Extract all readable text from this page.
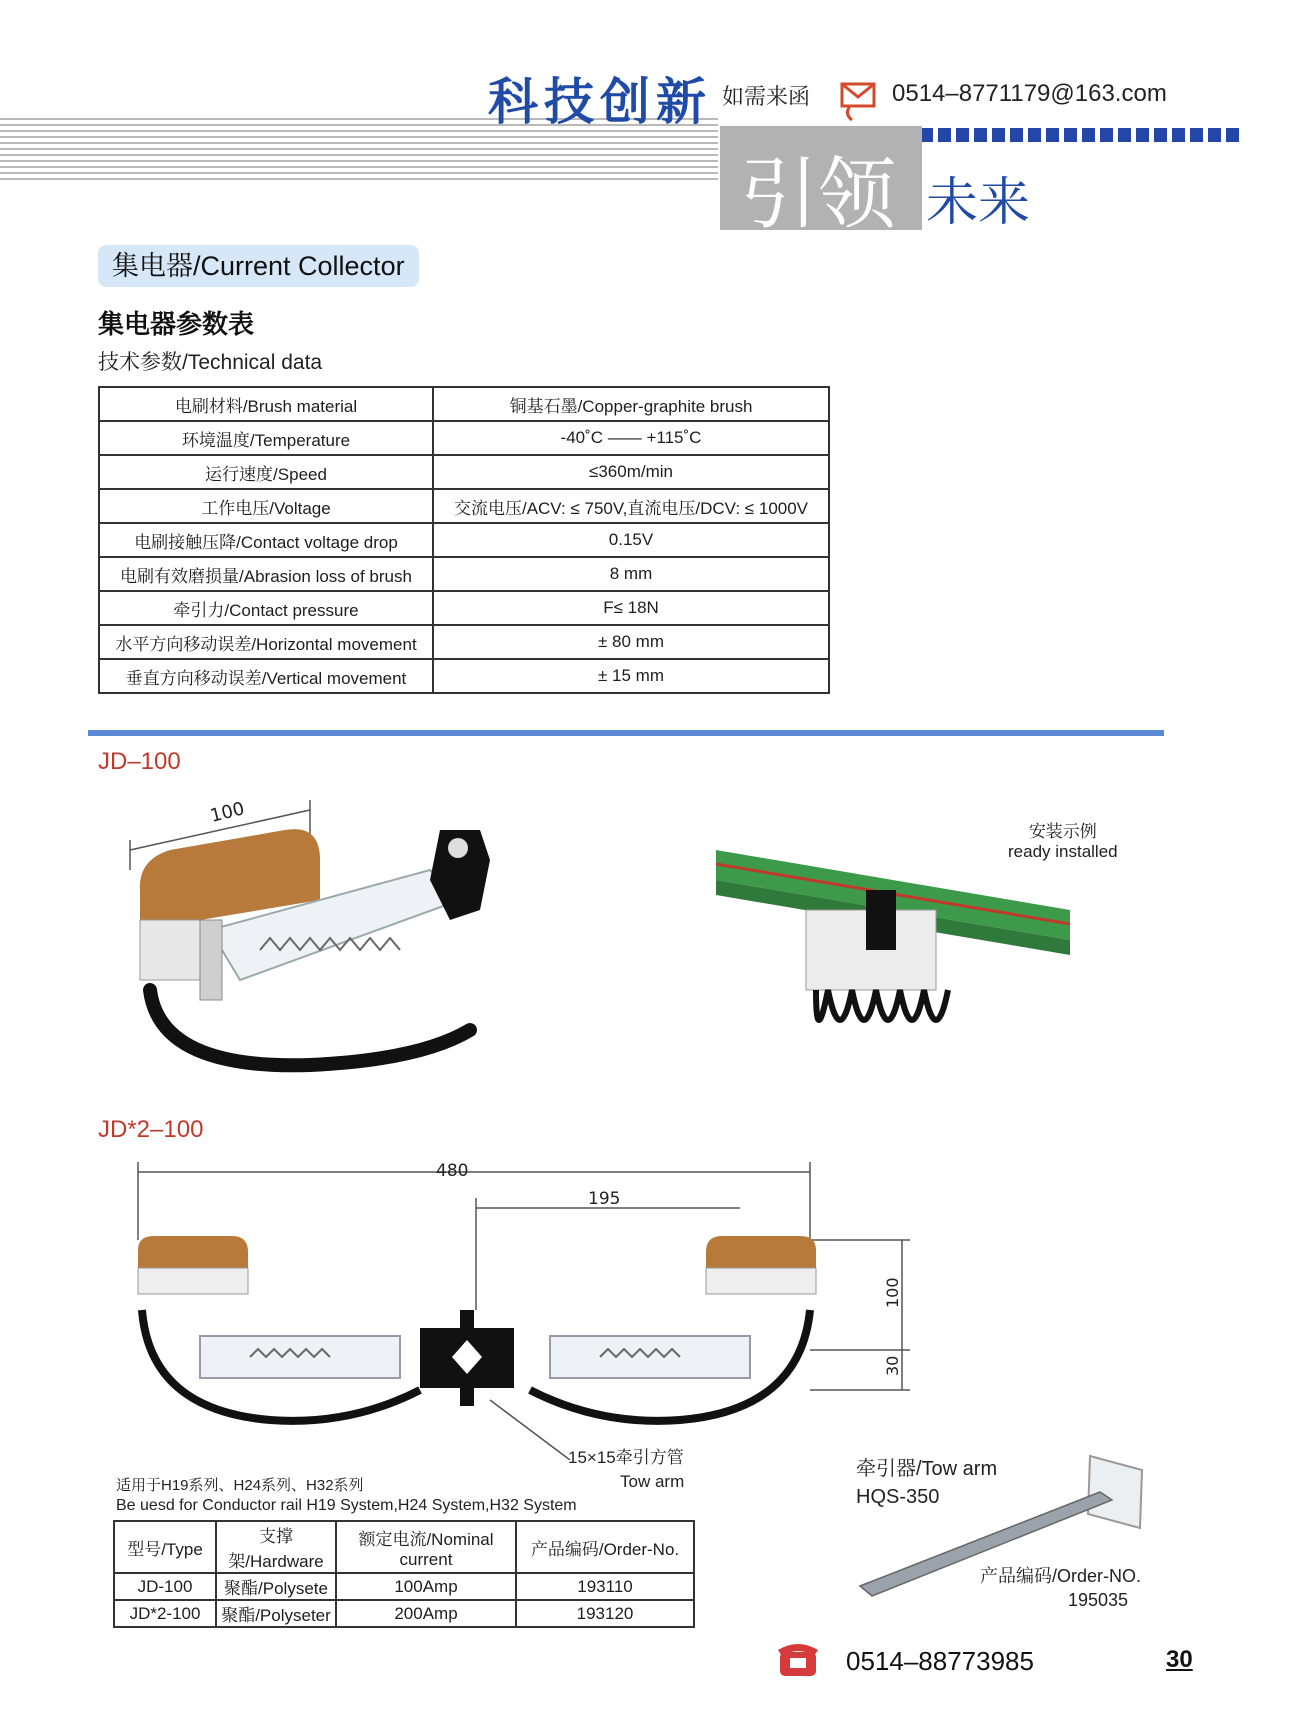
科技创新 如需来函	0514–8771179@163.com
引领 未来
集电器/Current Collector
集电器参数表
技术参数/Technical data
电刷材料/Brush material	铜基石墨/Copper-graphite brush
环境温度/Temperature	-40˚C —— +115˚C
运行速度/Speed	≤360m/min
工作电压/Voltage	交流电压/ACV: ≤ 750V,直流电压/DCV: ≤ 1000V
电刷接触压降/Contact voltage drop	0.15V
电刷有效磨损量/Abrasion loss of brush	8 mm
牵引力/Contact pressure	F≤ 18N
水平方向移动误差/Horizontal movement	± 80 mm
垂直方向移动误差/Vertical movement	± 15 mm
JD–100
100
安装示例
ready installed
JD*2–100
480
195
100
30
15×15牵引方管
Tow arm
适用于H19系列、H24系列、H32系列
Be uesd for Conductor rail H19 System,H24 System,H32 System
型号/Type	支撑架/Hardware	额定电流/Nominal current	产品编码/Order-No.
JD-100	聚酯/Polysete	100Amp	193110
JD*2-100	聚酯/Polyseter	200Amp	193120
牵引器/Tow arm
HQS-350
产品编码/Order-NO.
195035
0514–88773985	30
